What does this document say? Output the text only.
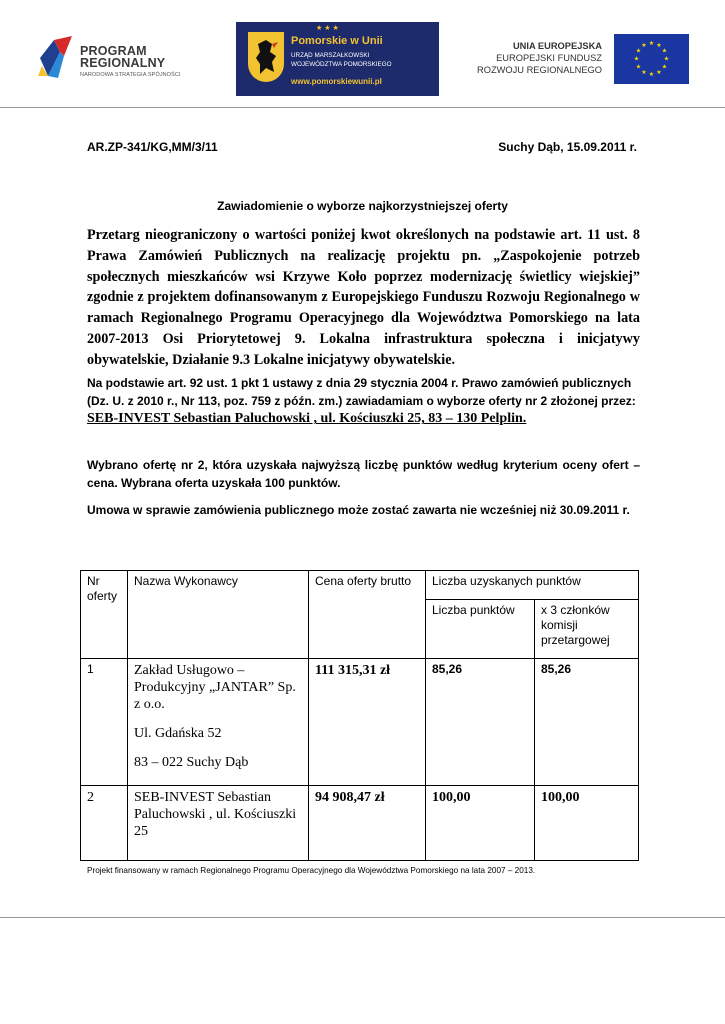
PROGRAM
REGIONALNY
NARODOWA STRATEGIA SPÓJNOŚCI
★★★
Pomorskie w Unii
URZĄD MARSZAŁKOWSKI
WOJEWÓDZTWA POMORSKIEGO
www.pomorskiewunii.pl
UNIA EUROPEJSKA
EUROPEJSKI FUNDUSZ
ROZWOJU REGIONALNEGO
★ ★
★
★
★
★
★
★
★
★
★
★
AR.ZP-341/KG,MM/3/11	Suchy Dąb, 15.09.2011 r.
Zawiadomienie o wyborze najkorzystniejszej oferty
Przetarg nieograniczony o wartości poniżej kwot określonych na podstawie art. 11 ust. 8 Prawa Zamówień Publicznych na realizację projektu pn. „Zaspokojenie potrzeb społecznych mieszkańców wsi Krzywe Koło poprzez modernizację świetlicy wiejskiej” zgodnie z projektem dofinansowanym z Europejskiego Funduszu Rozwoju Regionalnego w ramach Regionalnego Programu Operacyjnego dla Województwa Pomorskiego na lata 2007-2013 Osi Priorytetowej 9. Lokalna infrastruktura społeczna i inicjatywy obywatelskie, Działanie 9.3 Lokalne inicjatywy obywatelskie.
Na podstawie art. 92 ust. 1 pkt 1 ustawy z dnia 29 stycznia 2004 r. Prawo zamówień publicznych (Dz. U. z 2010 r., Nr 113, poz. 759 z późn. zm.) zawiadamiam o wyborze oferty nr 2 złożonej przez: SEB-INVEST Sebastian Paluchowski , ul. Kościuszki 25, 83 – 130 Pelplin.
Wybrano ofertę nr 2, która uzyskała najwyższą liczbę punktów według kryterium oceny ofert – cena. Wybrana oferta uzyskała 100 punktów.
Umowa w sprawie zamówienia publicznego może zostać zawarta nie wcześniej niż 30.09.2011 r.
Nr oferty	Nazwa Wykonawcy	Cena oferty brutto	Liczba uzyskanych punktów	
			Liczba punktów	x 3 członków komisji przetargowej
1	Zakład Usługowo – Produkcyjny „JANTAR” Sp. z o.o.
Ul. Gdańska 52
83 – 022 Suchy Dąb	111 315,31 zł	85,26	85,26
2	SEB-INVEST Sebastian Paluchowski , ul. Kościuszki 25	94 908,47 zł	100,00	100,00
Projekt finansowany w ramach Regionalnego Programu Operacyjnego dla Województwa Pomorskiego na lata 2007 – 2013.
